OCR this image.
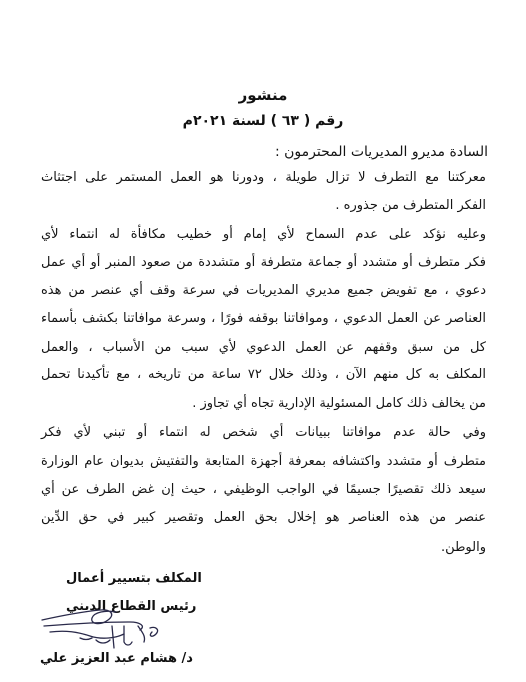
منشور
رقم ( ٦٣ ) لسنة ٢٠٢١م
السادة مديرو المديريات المحترمون :
معركتنا مع التطرف لا تزال طويلة ، ودورنا هو العمل المستمر على اجتثاث
الفكر المتطرف من جذوره .
وعليه نؤكد على عدم السماح لأي إمام أو خطيب مكافأة له انتماء لأي
فكر متطرف أو متشدد أو جماعة متطرفة أو متشددة من صعود المنبر أو أي عمل
دعوي ، مع تفويض جميع مديري المديريات في سرعة وقف أي عنصر من هذه
العناصر عن العمل الدعوي ، وموافاتنا بوقفه فورًا ، وسرعة موافاتنا بكشف بأسماء
كل من سبق وقفهم عن العمل الدعوي لأي سبب من الأسباب ، والعمل
المكلف به كل منهم الآن ، وذلك خلال ٧٢ ساعة من تاريخه ، مع تأكيدنا تحمل
من يخالف ذلك كامل المسئولية الإدارية تجاه أي تجاوز .
وفي حالة عدم موافاتنا ببيانات أي شخص له انتماء أو تبني لأي فكر
متطرف أو متشدد واكتشافه بمعرفة أجهزة المتابعة والتفتيش بديوان عام الوزارة
سيعد ذلك تقصيرًا جسيمًا في الواجب الوظيفي ، حيث إن غض الطرف عن أي
عنصر من هذه العناصر هو إخلال بحق العمل وتقصير كبير في حق الدِّين
والوطن.
المكلف بتسيير أعمال
رئيس القطاع الديني
د/ هشام عبد العزيز علي
